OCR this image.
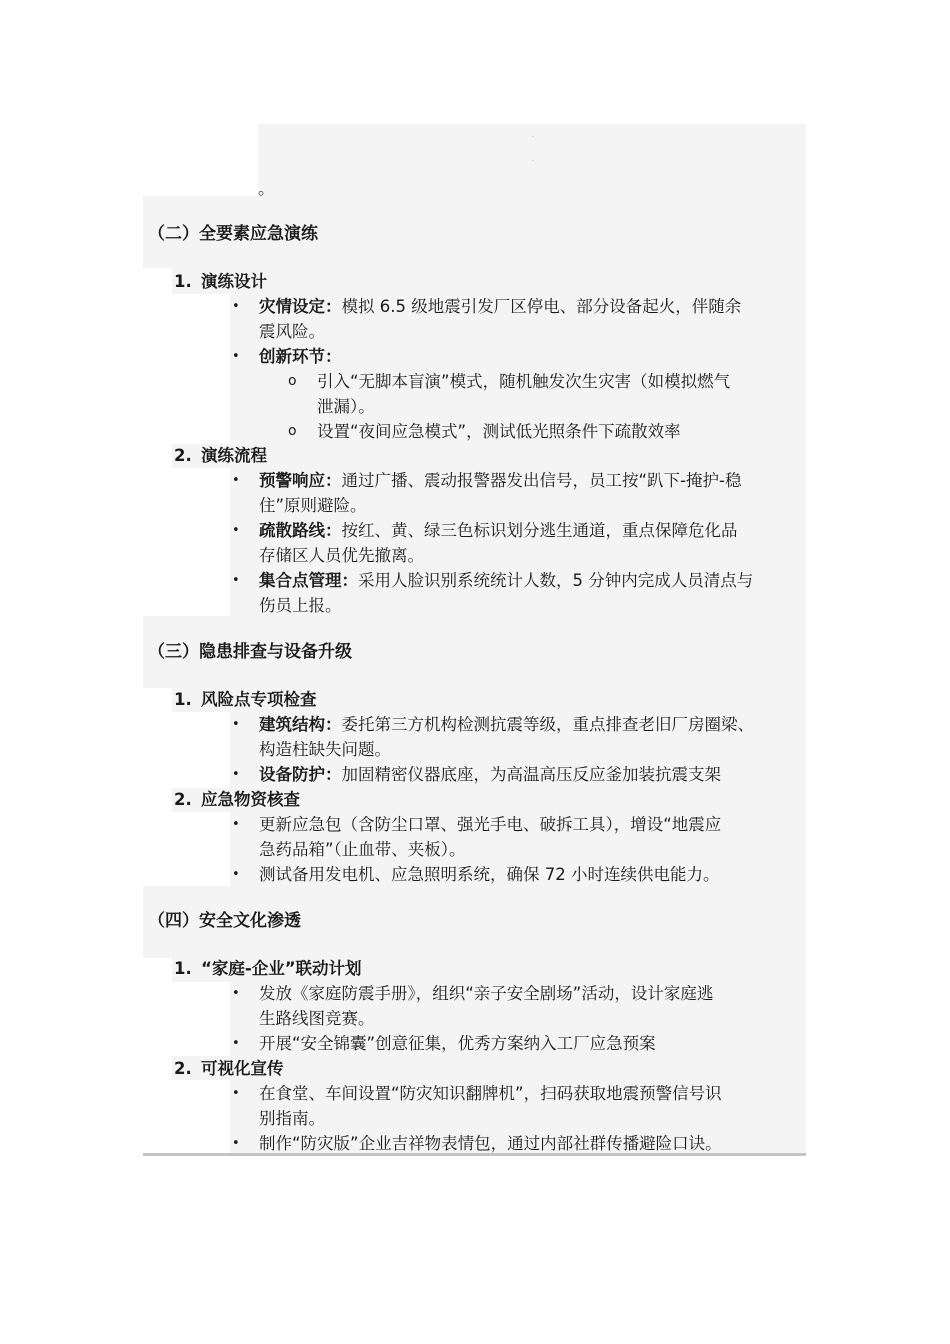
.
.
。
（二）全要素应急演练
1. 演练设计
• 灾情设定：模拟 6.5 级地震引发厂区停电、部分设备起火，伴随余
震风险。
• 创新环节：
o 引入“无脚本盲演”模式，随机触发次生灾害（如模拟燃气
泄漏）。
o 设置“夜间应急模式”，测试低光照条件下疏散效率
2. 演练流程
• 预警响应：通过广播、震动报警器发出信号，员工按“趴下-掩护-稳
住”原则避险。
• 疏散路线：按红、黄、绿三色标识划分逃生通道，重点保障危化品
存储区人员优先撤离。
• 集合点管理：采用人脸识别系统统计人数，5 分钟内完成人员清点与
伤员上报。
（三）隐患排查与设备升级
1. 风险点专项检查
• 建筑结构：委托第三方机构检测抗震等级，重点排查老旧厂房圈梁、
构造柱缺失问题。
• 设备防护：加固精密仪器底座，为高温高压反应釜加装抗震支架
2. 应急物资核查
• 更新应急包（含防尘口罩、强光手电、破拆工具），增设“地震应
急药品箱”（止血带、夹板）。
• 测试备用发电机、应急照明系统，确保 72 小时连续供电能力。
（四）安全文化渗透
1. “家庭-企业”联动计划
• 发放《家庭防震手册》，组织“亲子安全剧场”活动，设计家庭逃
生路线图竞赛。
• 开展“安全锦囊”创意征集，优秀方案纳入工厂应急预案
2. 可视化宣传
• 在食堂、车间设置“防灾知识翻牌机”，扫码获取地震预警信号识
别指南。
• 制作“防灾版”企业吉祥物表情包，通过内部社群传播避险口诀。
